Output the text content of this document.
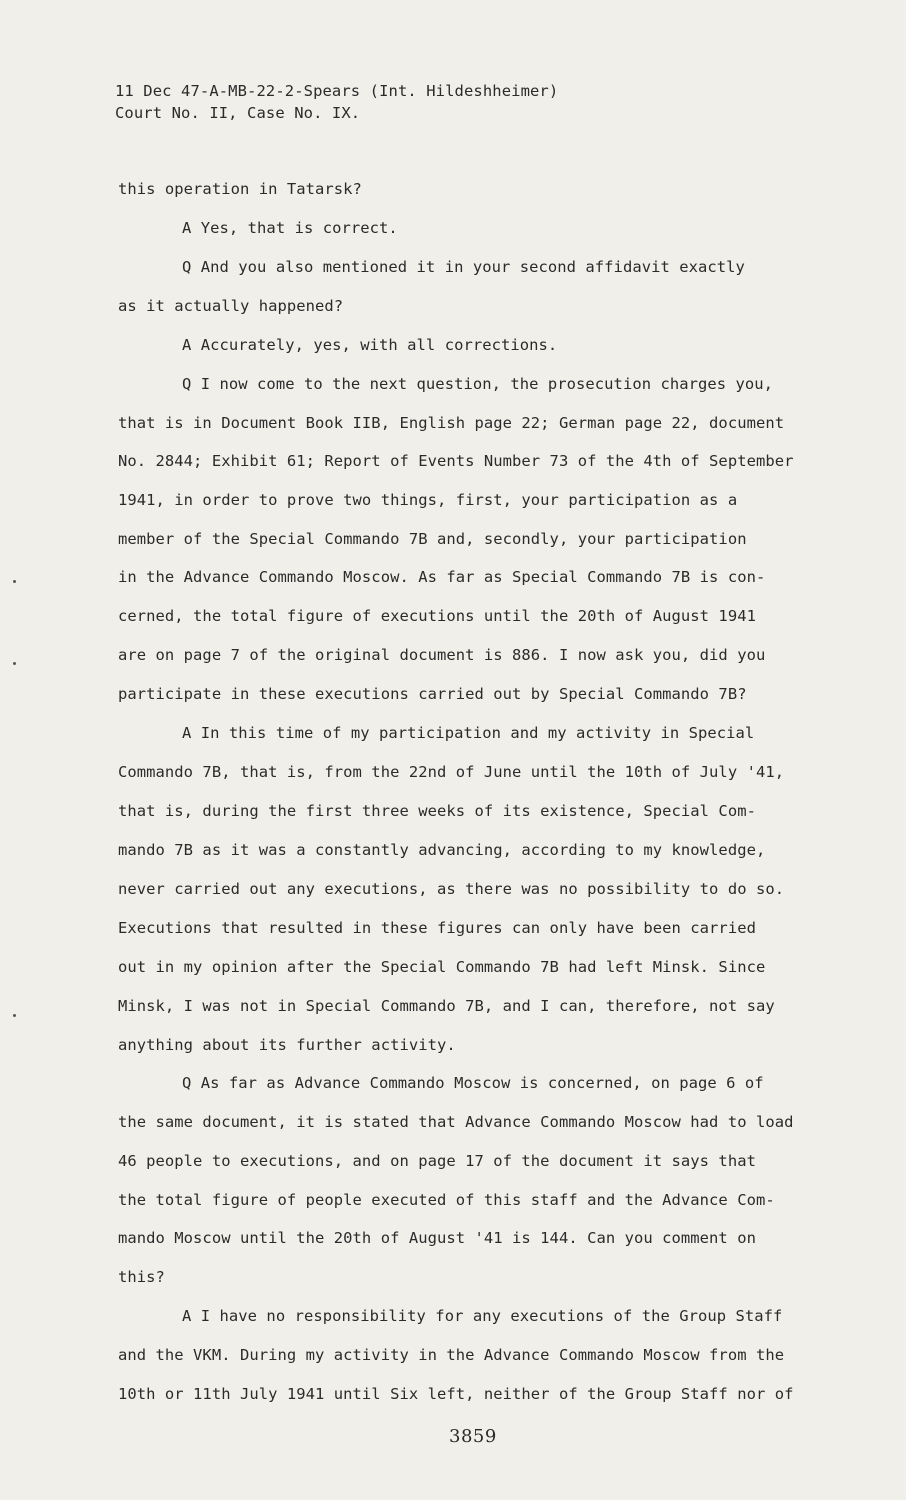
11 Dec 47-A-MB-22-2-Spears (Int. Hildeshheimer)
Court No. II, Case No. IX.
this operation in Tatarsk?
A Yes, that is correct.
Q And you also mentioned it in your second affidavit exactly
as it actually happened?
A Accurately, yes, with all corrections.
Q I now come to the next question, the prosecution charges you,
that is in Document Book IIB, English page 22; German page 22, document
No. 2844; Exhibit 61; Report of Events Number 73 of the 4th of September
1941, in order to prove two things, first, your participation as a
member of the Special Commando 7B and, secondly, your participation
in the Advance Commando Moscow. As far as Special Commando 7B is con-
cerned, the total figure of executions until the 20th of August 1941
are on page 7 of the original document is 886. I now ask you, did you
participate in these executions carried out by Special Commando 7B?
A In this time of my participation and my activity in Special
Commando 7B, that is, from the 22nd of June until the 10th of July '41,
that is, during the first three weeks of its existence, Special Com-
mando 7B as it was a constantly advancing, according to my knowledge,
never carried out any executions, as there was no possibility to do so.
Executions that resulted in these figures can only have been carried
out in my opinion after the Special Commando 7B had left Minsk. Since
Minsk, I was not in Special Commando 7B, and I can, therefore, not say
anything about its further activity.
Q As far as Advance Commando Moscow is concerned, on page 6 of
the same document, it is stated that Advance Commando Moscow had to load
46 people to executions, and on page 17 of the document it says that
the total figure of people executed of this staff and the Advance Com-
mando Moscow until the 20th of August '41 is 144. Can you comment on
this?
A I have no responsibility for any executions of the Group Staff
and the VKM. During my activity in the Advance Commando Moscow from the
10th or 11th July 1941 until Six left, neither of the Group Staff nor of
3859
